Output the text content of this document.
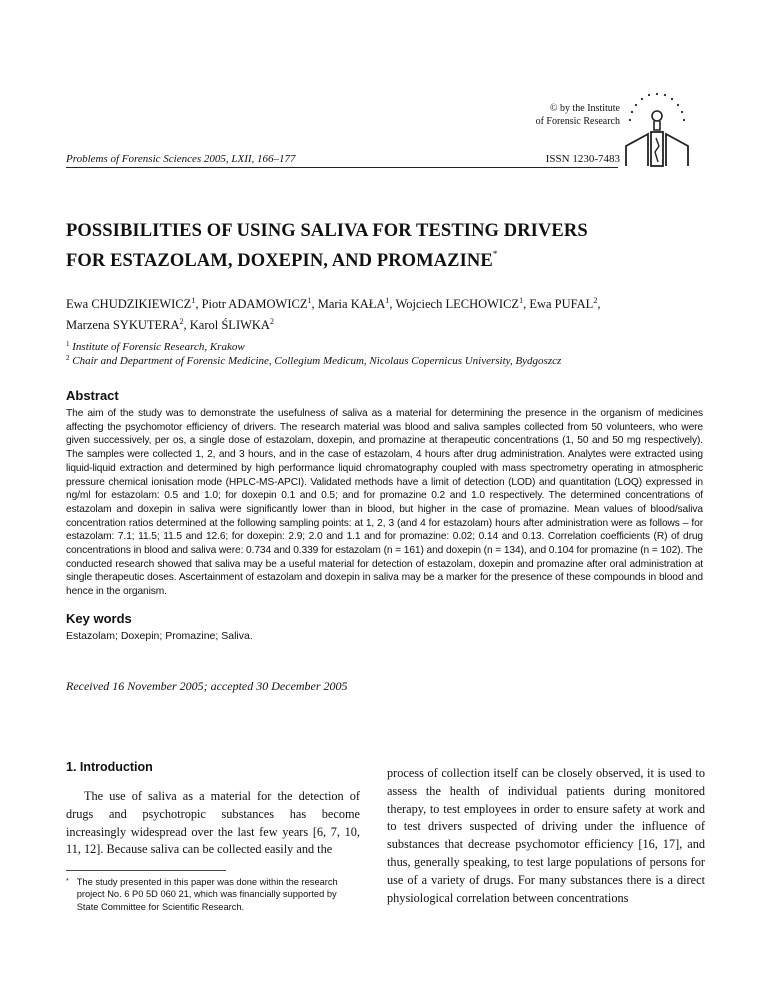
© by the Institute
of Forensic Research
Problems of Forensic Sciences 2005, LXII, 166–177	ISSN 1230-7483
POSSIBILITIES OF USING SALIVA FOR TESTING DRIVERS
FOR ESTAZOLAM, DOXEPIN, AND PROMAZINE*
Ewa CHUDZIKIEWICZ$^1$, Piotr ADAMOWICZ$^1$, Maria KAŁA$^1$, Wojciech LECHOWICZ$^1$, Ewa PUFAL$^2$,
Marzena SYKUTERA$^2$, Karol ŚLIWKA$^2$
$^1$ Institute of Forensic Research, Krakow
$^2$ Chair and Department of Forensic Medicine, Collegium Medicum, Nicolaus Copernicus University, Bydgoszcz
Abstract
The aim of the study was to demonstrate the usefulness of saliva as a material for determining the presence in the organism of medicines affecting the psychomotor efficiency of drivers. The research material was blood and saliva samples collected from 50 volunteers, who were given successively, per os, a single dose of estazolam, doxepin, and promazine at therapeutic concentrations (1, 50 and 50 mg respectively). The samples were collected 1, 2, and 3 hours, and in the case of estazolam, 4 hours after drug administration. Analytes were extracted using liquid-liquid extraction and determined by high performance liquid chromatography coupled with mass spectrometry operating in atmospheric pressure chemical ionisation mode (HPLC-MS-APCI). Validated methods have a limit of detection (LOD) and quantitation (LOQ) expressed in ng/ml for estazolam: 0.5 and 1.0; for doxepin 0.1 and 0.5; and for promazine 0.2 and 1.0 respectively. The determined concentrations of estazolam and doxepin in saliva were significantly lower than in blood, but higher in the case of promazine. Mean values of blood/saliva concentration ratios determined at the following sampling points: at 1, 2, 3 (and 4 for estazolam) hours after administration were as follows – for estazolam: 7.1; 11.5; 11.5 and 12.6; for doxepin: 2.9; 2.0 and 1.1 and for promazine: 0.02; 0.14 and 0.13. Correlation coefficients (R) of drug concentrations in blood and saliva were: 0.734 and 0.339 for estazolam (n = 161) and doxepin (n = 134), and 0.104 for promazine (n = 102). The conducted research showed that saliva may be a useful material for detection of estazolam, doxepin and promazine after oral administration at single therapeutic doses. Ascertainment of estazolam and doxepin in saliva may be a marker for the presence of these compounds in blood and hence in the organism.
Key words
Estazolam; Doxepin; Promazine; Saliva.
Received 16 November 2005; accepted 30 December 2005
1. Introduction
The use of saliva as a material for the detection of drugs and psychotropic substances has become increasingly widespread over the last few years [6, 7, 10, 11, 12]. Because saliva can be collected easily and the
process of collection itself can be closely observed, it is used to assess the health of individual patients during monitored therapy, to test employees in order to ensure safety at work and to test drivers suspected of driving under the influence of substances that decrease psychomotor efficiency [16, 17], and thus, generally speaking, to test large populations of persons for use of a variety of drugs. For many substances there is a direct physiological correlation between concentrations
* The study presented in this paper was done within the research project No. 6 P0 5D 060 21, which was financially supported by State Committee for Scientific Research.
